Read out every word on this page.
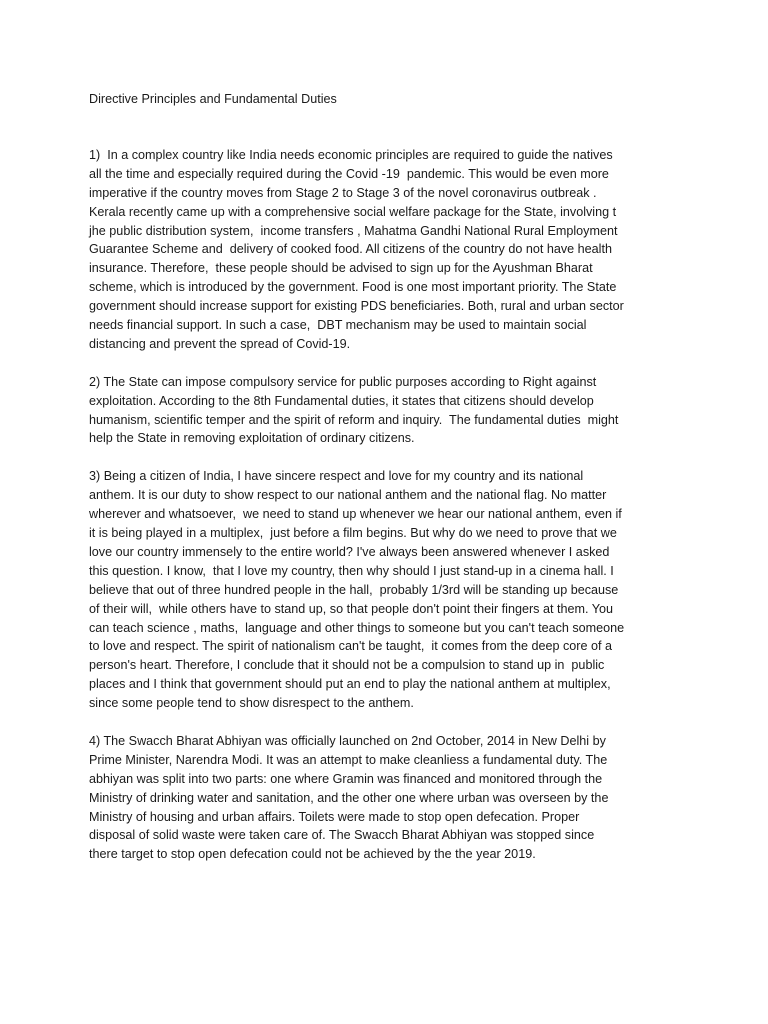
Directive Principles and Fundamental Duties
1)  In a complex country like India needs economic principles are required to guide the natives
all the time and especially required during the Covid -19  pandemic. This would be even more
imperative if the country moves from Stage 2 to Stage 3 of the novel coronavirus outbreak .
Kerala recently came up with a comprehensive social welfare package for the State, involving t
jhe public distribution system,  income transfers , Mahatma Gandhi National Rural Employment
Guarantee Scheme and  delivery of cooked food. All citizens of the country do not have health
insurance. Therefore,  these people should be advised to sign up for the Ayushman Bharat
scheme, which is introduced by the government. Food is one most important priority. The State
government should increase support for existing PDS beneficiaries. Both, rural and urban sector
needs financial support. In such a case,  DBT mechanism may be used to maintain social
distancing and prevent the spread of Covid-19.
2) The State can impose compulsory service for public purposes according to Right against
exploitation. According to the 8th Fundamental duties, it states that citizens should develop
humanism, scientific temper and the spirit of reform and inquiry.  The fundamental duties  might
help the State in removing exploitation of ordinary citizens.
3) Being a citizen of India, I have sincere respect and love for my country and its national
anthem. It is our duty to show respect to our national anthem and the national flag. No matter
wherever and whatsoever,  we need to stand up whenever we hear our national anthem, even if
it is being played in a multiplex,  just before a film begins. But why do we need to prove that we
love our country immensely to the entire world? I've always been answered whenever I asked
this question. I know,  that I love my country, then why should I just stand-up in a cinema hall. I
believe that out of three hundred people in the hall,  probably 1/3rd will be standing up because
of their will,  while others have to stand up, so that people don't point their fingers at them. You
can teach science , maths,  language and other things to someone but you can't teach someone
to love and respect. The spirit of nationalism can't be taught,  it comes from the deep core of a
person's heart. Therefore, I conclude that it should not be a compulsion to stand up in  public
places and I think that government should put an end to play the national anthem at multiplex,
since some people tend to show disrespect to the anthem.
4) The Swacch Bharat Abhiyan was officially launched on 2nd October, 2014 in New Delhi by
Prime Minister, Narendra Modi. It was an attempt to make cleanliess a fundamental duty. The
abhiyan was split into two parts: one where Gramin was financed and monitored through the
Ministry of drinking water and sanitation, and the other one where urban was overseen by the
Ministry of housing and urban affairs. Toilets were made to stop open defecation. Proper
disposal of solid waste were taken care of. The Swacch Bharat Abhiyan was stopped since
there target to stop open defecation could not be achieved by the the year 2019.
